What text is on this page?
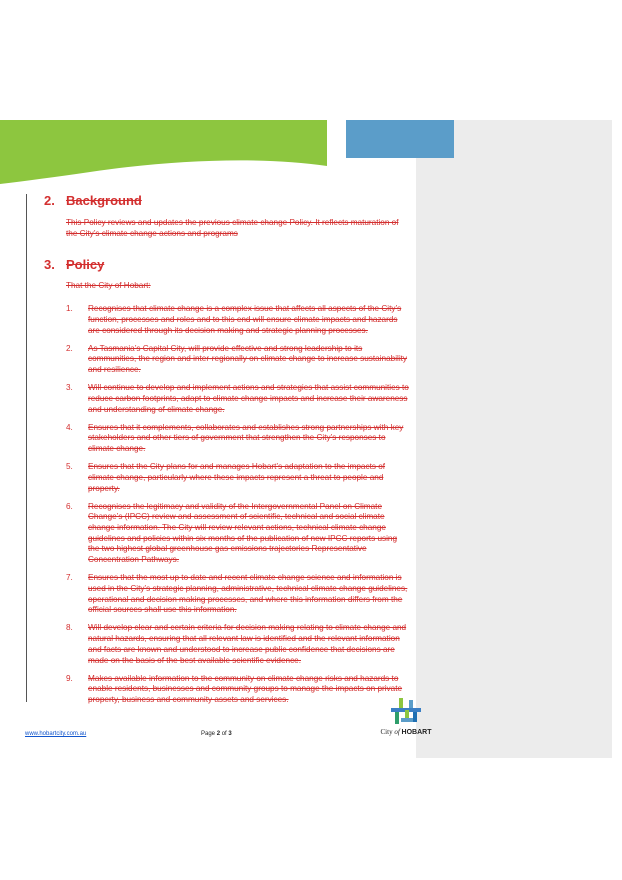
2. Background

This Policy reviews and updates the previous climate change Policy. It reflects maturation of the City’s climate change actions and programs

3. Policy

That the City of Hobart:

1. Recognises that climate change is a complex issue that affects all aspects of the City’s function, processes and roles and to this end will ensure climate impacts and hazards are considered through its decision making and strategic planning processes.
2. As Tasmania’s Capital City, will provide effective and strong leadership to its communities, the region and inter-regionally on climate change to increase sustainability and resilience.
3. Will continue to develop and implement actions and strategies that assist communities to reduce carbon footprints, adapt to climate change impacts and increase their awareness and understanding of climate change.
4. Ensures that it complements, collaborates and establishes strong partnerships with key stakeholders and other tiers of government that strengthen the City’s responses to climate change.
5. Ensures that the City plans for and manages Hobart’s adaptation to the impacts of climate change, particularly where these impacts represent a threat to people and property.
6. Recognises the legitimacy and validity of the Intergovernmental Panel on Climate Change’s (IPCC) review and assessment of scientific, technical and social climate change information. The City will review relevant actions, technical climate change guidelines and policies within six months of the publication of new IPCC reports using the two highest global greenhouse gas emissions trajectories Representative Concentration Pathways.
7. Ensures that the most up to date and recent climate change science and information is used in the City’s strategic planning, administrative, technical climate change guidelines, operational and decision making processes, and where this information differs from the official sources shall use this information.
8. Will develop clear and certain criteria for decision making relating to climate change and natural hazards, ensuring that all relevant law is identified and the relevant information and facts are known and understood to increase public confidence that decisions are made on the basis of the best available scientific evidence.
9. Makes available information to the community on climate change risks and hazards to enable residents, businesses and community groups to manage the impacts on private property, business and community assets and services.
www.hobartcity.com.au	Page 2 of 3	City of HOBART
